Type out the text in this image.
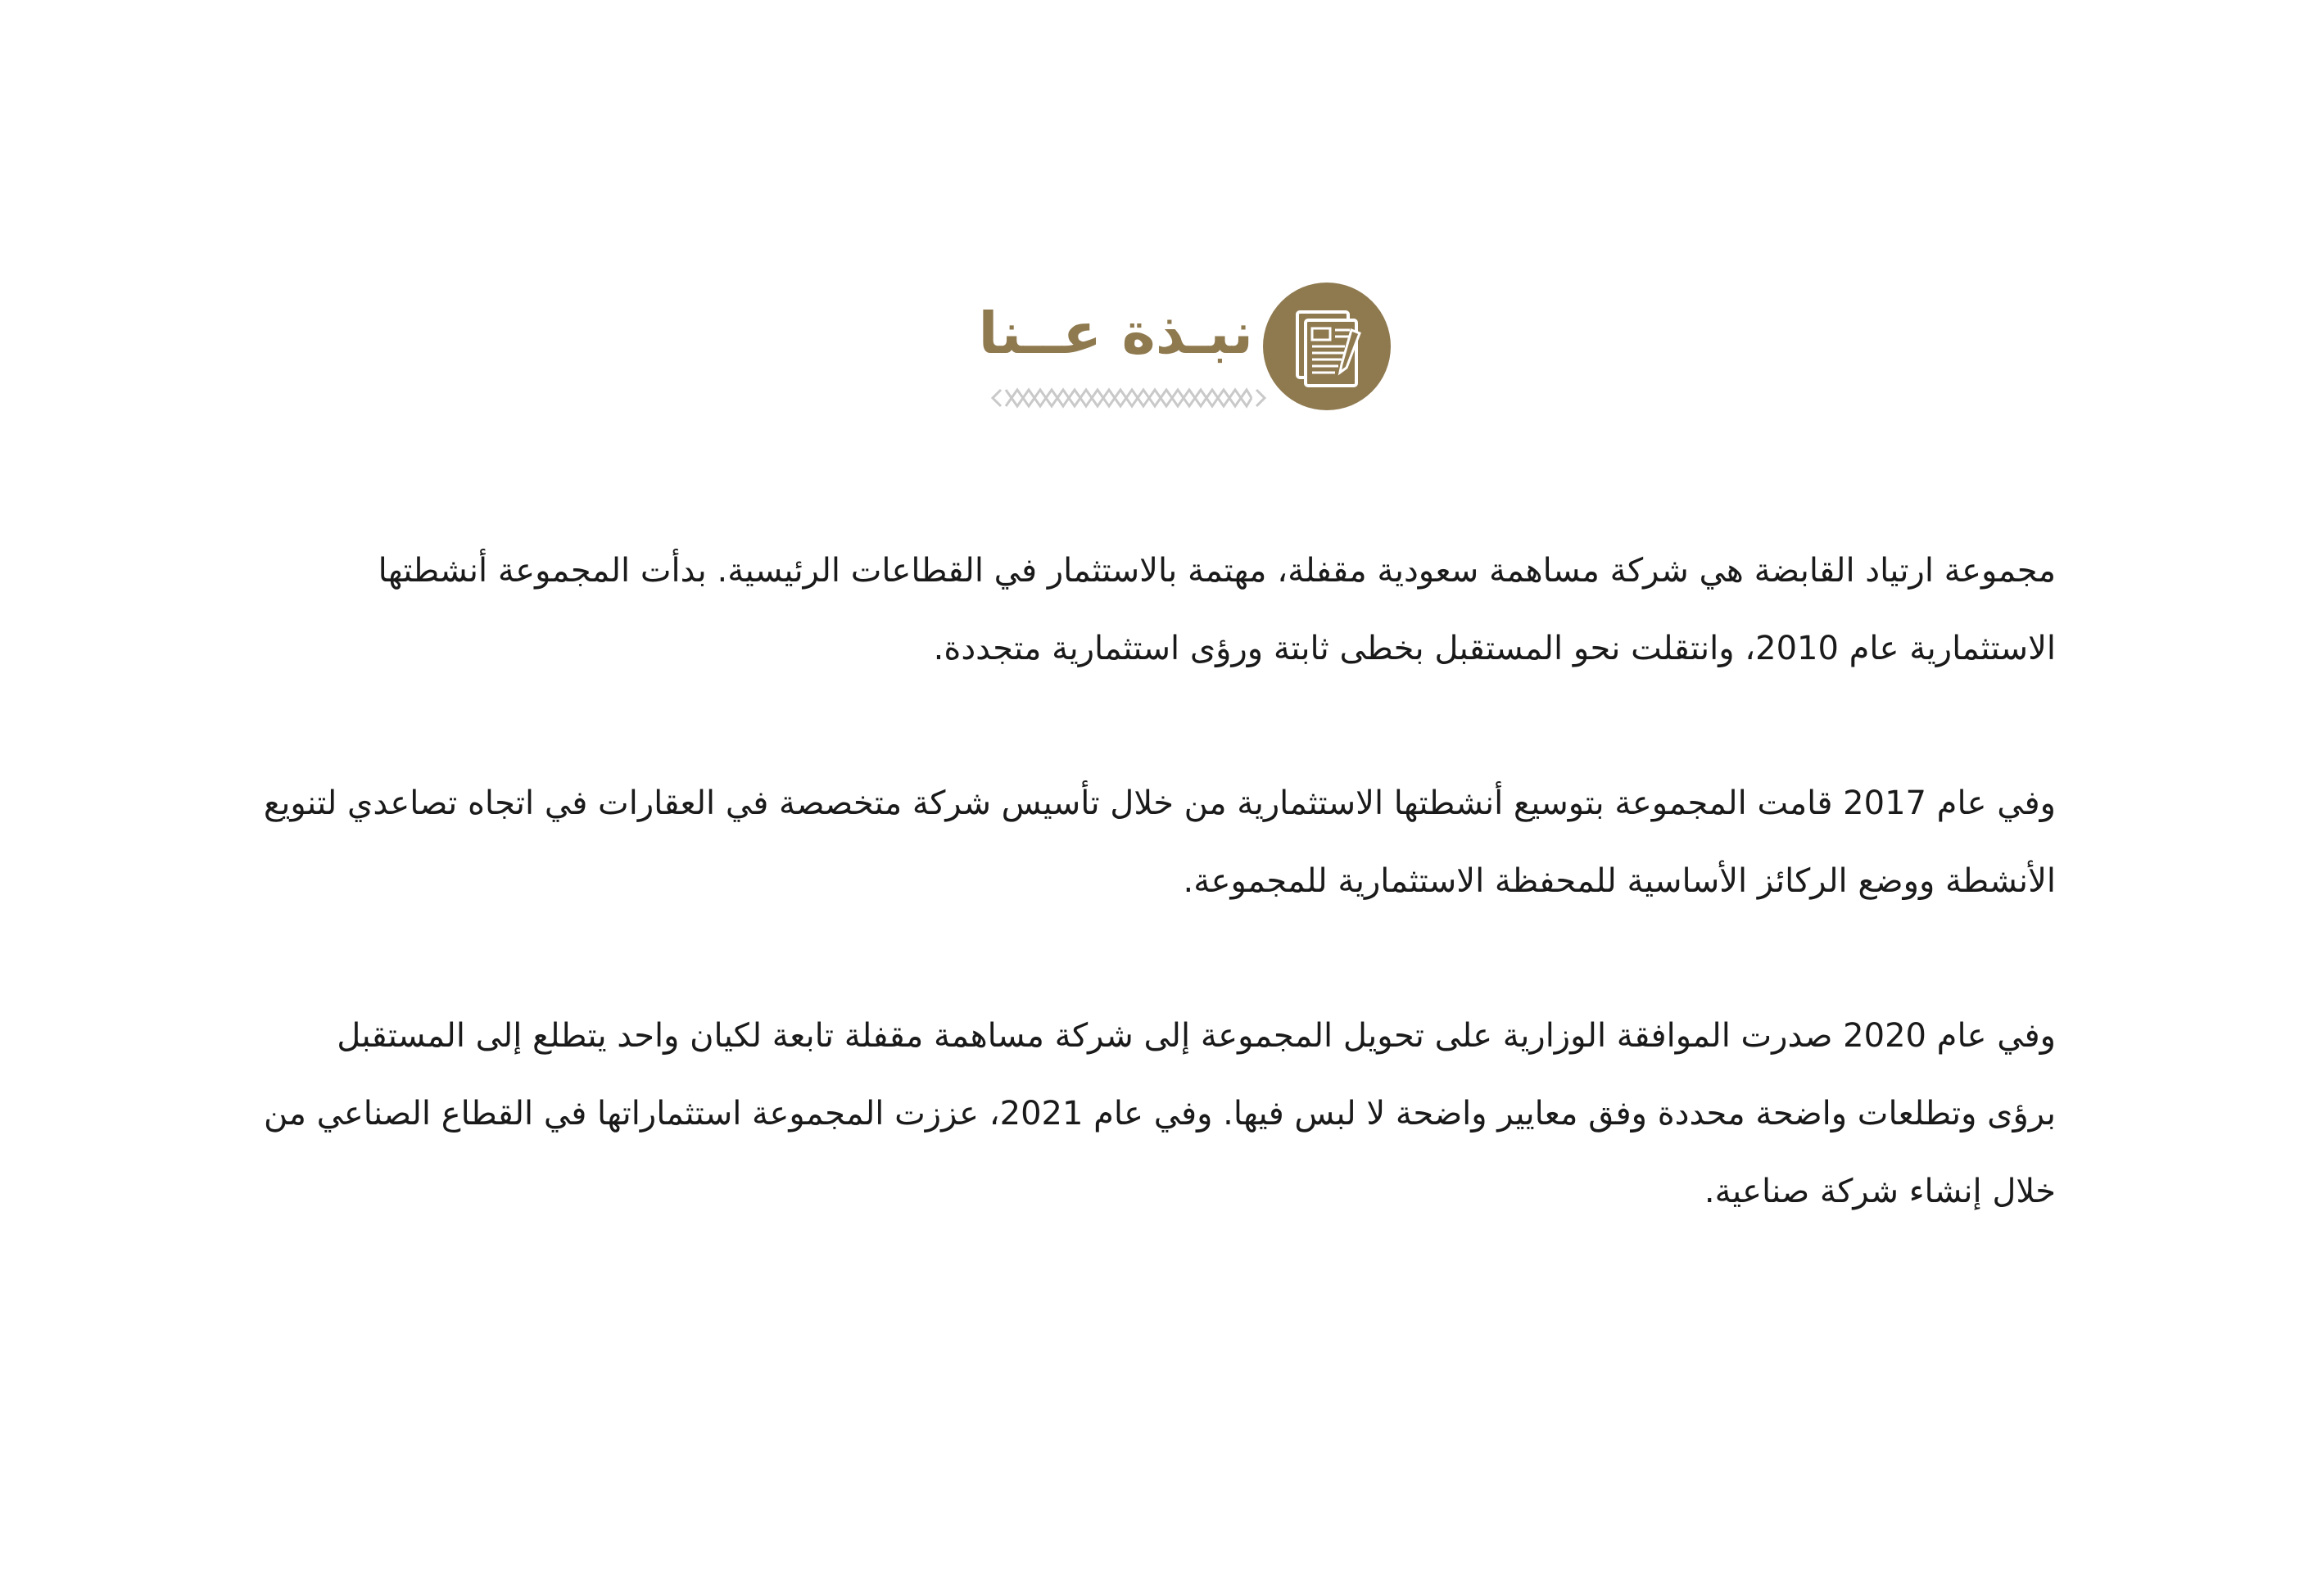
نبـذة عــنا

مجموعة ارتياد القابضة هي شركة مساهمة سعودية مقفلة، مهتمة بالاستثمار في القطاعات الرئيسية. بدأت المجموعة أنشطتها الاستثمارية عام 2010، وانتقلت نحو المستقبل بخطى ثابتة ورؤى استثمارية متجددة.

وفي عام 2017 قامت المجموعة بتوسيع أنشطتها الاستثمارية من خلال تأسيس شركة متخصصة في العقارات في اتجاه تصاعدي لتنويع الأنشطة ووضع الركائز الأساسية للمحفظة الاستثمارية للمجموعة.

وفي عام 2020 صدرت الموافقة الوزارية على تحويل المجموعة إلى شركة مساهمة مقفلة تابعة لكيان واحد يتطلع إلى المستقبل برؤى وتطلعات واضحة محددة وفق معايير واضحة لا لبس فيها. وفي عام 2021، عززت المجموعة استثماراتها في القطاع الصناعي من خلال إنشاء شركة صناعية.
